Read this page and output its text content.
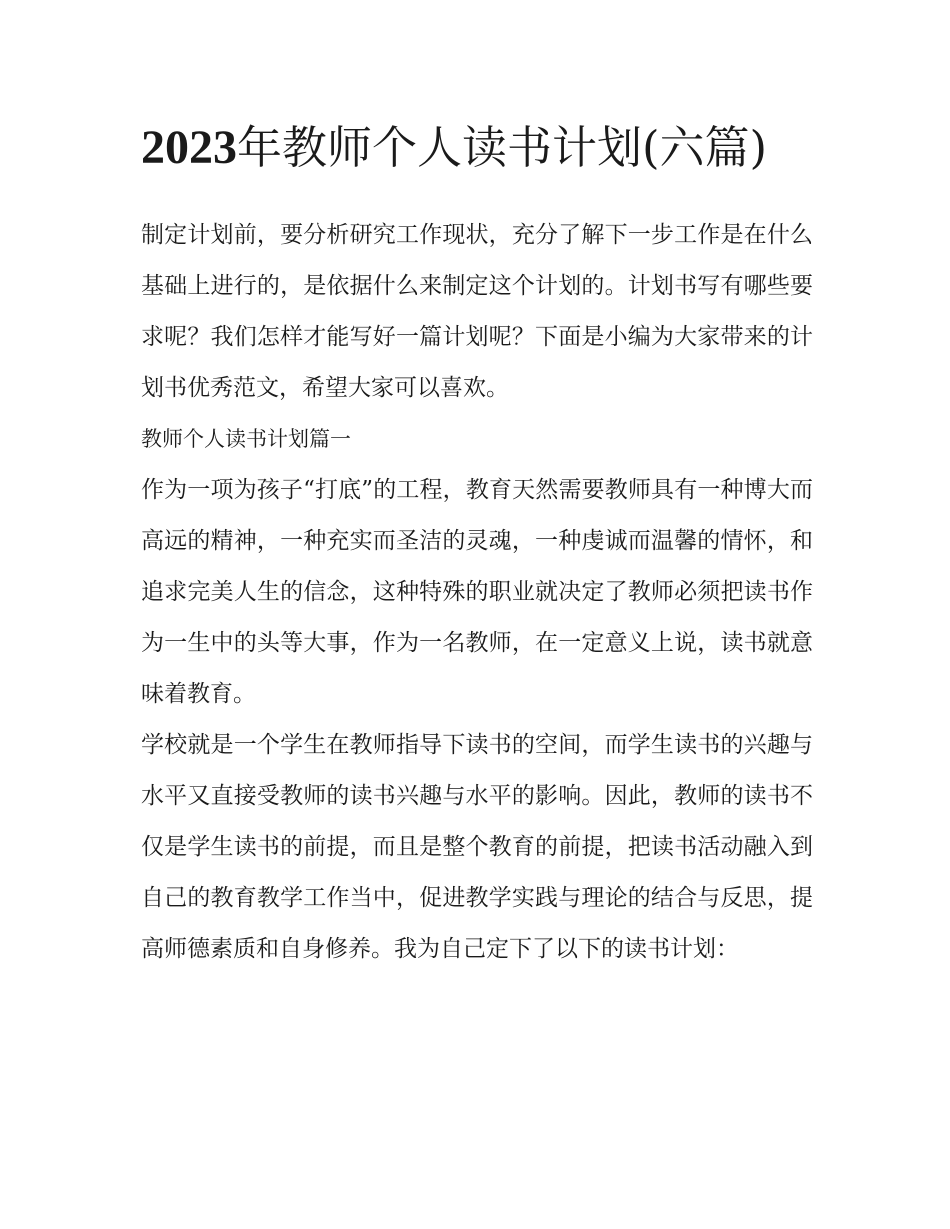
2023年教师个人读书计划(六篇)

制定计划前，要分析研究工作现状，充分了解下一步工作是在什么基础上进行的，是依据什么来制定这个计划的。计划书写有哪些要求呢？我们怎样才能写好一篇计划呢？下面是小编为大家带来的计划书优秀范文，希望大家可以喜欢。

教师个人读书计划篇一

作为一项为孩子“打底”的工程，教育天然需要教师具有一种博大而高远的精神，一种充实而圣洁的灵魂，一种虔诚而温馨的情怀，和追求完美人生的信念，这种特殊的职业就决定了教师必须把读书作为一生中的头等大事，作为一名教师，在一定意义上说，读书就意味着教育。

学校就是一个学生在教师指导下读书的空间，而学生读书的兴趣与水平又直接受教师的读书兴趣与水平的影响。因此，教师的读书不仅是学生读书的前提，而且是整个教育的前提，把读书活动融入到自己的教育教学工作当中，促进教学实践与理论的结合与反思，提高师德素质和自身修养。我为自己定下了以下的读书计划：
